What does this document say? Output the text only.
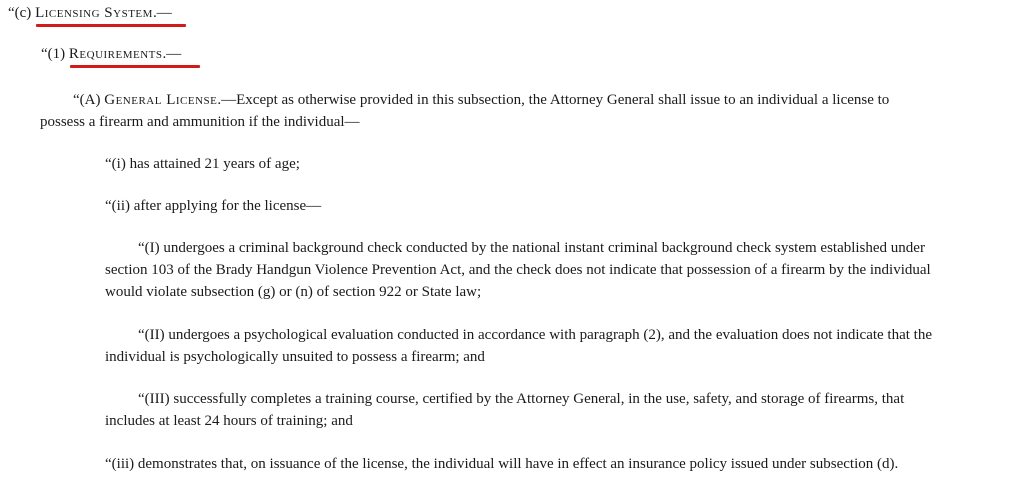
“(c) Licensing System.—
“(1) Requirements.—
“(A) General License.—Except as otherwise provided in this subsection, the Attorney General shall issue to an individual a license to
possess a firearm and ammunition if the individual—
“(i) has attained 21 years of age;
“(ii) after applying for the license—
“(I) undergoes a criminal background check conducted by the national instant criminal background check system established under
section 103 of the Brady Handgun Violence Prevention Act, and the check does not indicate that possession of a firearm by the individual
would violate subsection (g) or (n) of section 922 or State law;
“(II) undergoes a psychological evaluation conducted in accordance with paragraph (2), and the evaluation does not indicate that the
individual is psychologically unsuited to possess a firearm; and
“(III) successfully completes a training course, certified by the Attorney General, in the use, safety, and storage of firearms, that
includes at least 24 hours of training; and
“(iii) demonstrates that, on issuance of the license, the individual will have in effect an insurance policy issued under subsection (d).
